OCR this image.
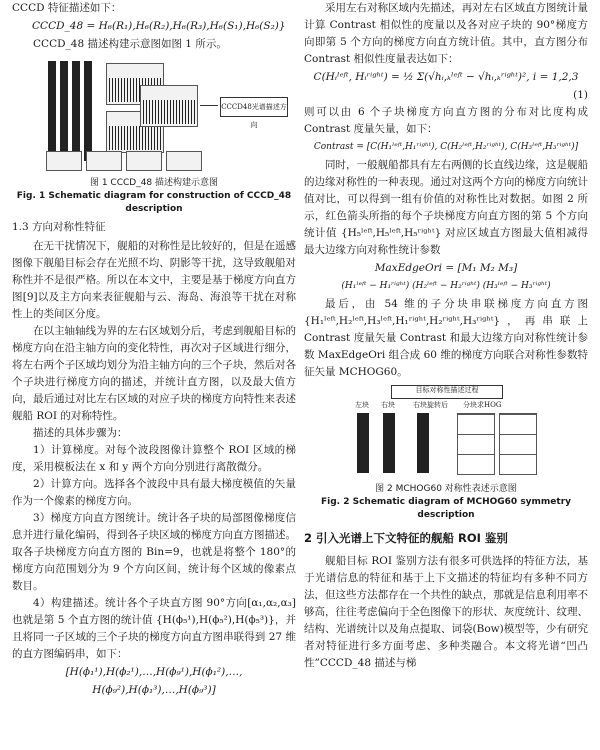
CCCD 特征描述如下：

CCCD_48 = H₆(R₁),H₆(R₂),H₆(R₃),H₆(S₁),H₆(S₂)}

CCCD_48 描述构建示意图如图 1 所示。

CCCD48光谱描述方向

图 1 CCCD_48 描述构建示意图

Fig. 1 Schematic diagram for construction of CCCD_48 description

1.3 方向对称性特征

在无干扰情况下，舰船的对称性是比较好的，但是在遥感图像下舰船目标会存在光照不均、阴影等干扰，这导致舰船对称性并不是很严格。所以在本文中，主要是基于梯度方向直方图[9]以及主方向来表征舰船与云、海岛、海浪等干扰在对称性上的类间区分度。

在以主轴轴线为界的左右区域划分后，考虑到舰船目标的梯度方向在沿主轴方向的变化特性，再次对子区域进行细分，将左右两个子区域均划分为沿主轴方向的三个子块，然后对各个子块进行梯度方向的描述，并统计直方图，以及最大值方向，最后通过对比左右区域的对应子块的梯度方向特性来表述舰船 ROI 的对称特性。

描述的具体步骤为：

1）计算梯度。对每个波段图像计算整个 ROI 区域的梯度，采用模板法在 x 和 y 两个方向分别进行离散微分。

2）计算方向。选择各个波段中具有最大梯度模值的矢量作为一个像素的梯度方向。

3）梯度方向直方图统计。统计各子块的局部图像梯度信息并进行量化编码，得到各子块区域的梯度方向直方图描述。取各子块梯度方向直方图的 Bin=9，也就是将整个 180°的梯度方向范围划分为 9 个方向区间，统计每个区域的像素点数目。

4）构建描述。统计各个子块直方图 90°方向[α₁,α₂,α₃] 也就是第 5 个直方图的统计值 {H(ϕ₅¹),H(ϕ₅²),H(ϕ₅³)}，并且将同一子区域的三个子块的梯度方向直方图串联得到 27 维的直方图编码串，如下：

[H(ϕ₁¹),H(ϕ₂¹),…,H(ϕ₉¹),H(ϕ₁²),…,

H(ϕ₉²),H(ϕ₁³),…,H(ϕ₉³)]

采用左右对称区域内先描述，再对左右区域直方图统计量计算 Contrast 相似性的度量以及各对应子块的 90°梯度方向即第 5 个方向的梯度方向直方统计值。其中，直方图分布 Contrast 相似性度量表达如下：

C(Hᵢˡᵉᶠᵗ, Hᵢʳⁱᵍʰᵗ) = ½ Σ(√hᵢ,ₖˡᵉᶠᵗ − √hᵢ,ₖʳⁱᵍʰᵗ)², i = 1,2,3

(1)

则可以由 6 个子块梯度方向直方图的分布对比度构成 Contrast 度量矢量，如下：

Contrast = [C(H₁ˡᵉᶠᵗ,H₁ʳⁱᵍʰᵗ), C(H₂ˡᵉᶠᵗ,H₂ʳⁱᵍʰᵗ), C(H₃ˡᵉᶠᵗ,H₃ʳⁱᵍʰᵗ)]

同时，一般舰船都具有左右两侧的长直线边缘，这是舰船的边缘对称性的一种表现。通过对这两个方向的梯度方向统计值对比，可以得到一组有价值的对称性比对数据。如图 2 所示，红色箭头所指的每个子块梯度方向直方图的第 5 个方向统计值 {H₅ˡᵉᶠᵗ,H₅ˡᵉᶠᵗ,H₅ʳⁱᵍʰᵗ} 对应区域直方图最大值相减得最大边缘方向对称性统计参数

MaxEdgeOri = [M₁ M₂ M₃]

(H₁ˡᵉᶠᵗ − H₁ʳⁱᵍʰᵗ) (H₂ˡᵉᶠᵗ − H₂ʳⁱᵍʰᵗ) (H₃ˡᵉᶠᵗ − H₃ʳⁱᵍʰᵗ)

最后，由 54 维的子分块串联梯度方向直方图 {H₁ˡᵉᶠᵗ,H₂ˡᵉᶠᵗ,H₃ˡᵉᶠᵗ,H₁ʳⁱᵍʰᵗ,H₂ʳⁱᵍʰᵗ,H₃ʳⁱᵍʰᵗ}，再串联上 Contrast 度量矢量 Contrast 和最大边缘方向对称性统计参数 MaxEdgeOri 组合成 60 维的梯度方向联合对称性参数特征矢量 MCHOG60。

目标对称性描述过程
左块 右块	右块旋转后 分块求HOG

图 2 MCHOG60 对称性表述示意图

Fig. 2 Schematic diagram of MCHOG60 symmetry description

2 引入光谱上下文特征的舰船 ROI 鉴别

舰船目标 ROI 鉴别方法有很多可供选择的特征方法，基于光谱信息的特征和基于上下文描述的特征均有多种不同方法，但这些方法都存在一个共性的缺点，那就是信息利用率不够高，往往考虑偏向于全色图像下的形状、灰度统计、纹理、结构、光谱统计以及角点提取、词袋(Bow)模型等，少有研究者对特征进行多方面考虑、多种类融合。本文将光谱“凹凸性”CCCD_48 描述与梯
